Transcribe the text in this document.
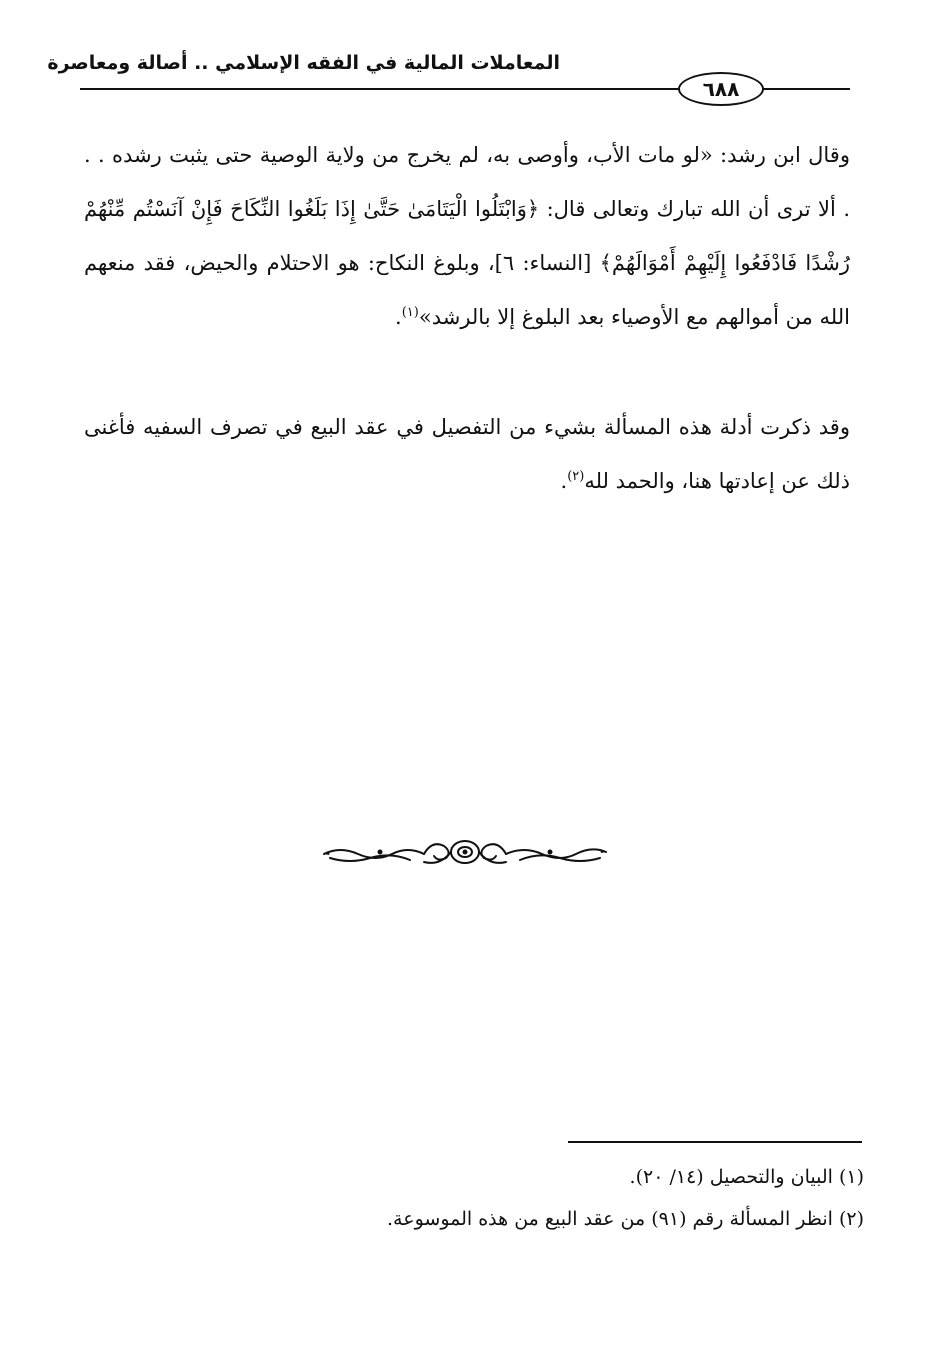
المعاملات المالية في الفقه الإسلامي .. أصالة ومعاصرة
٦٨٨
وقال ابن رشد: «لو مات الأب، وأوصى به، لم يخرج من ولاية الوصية حتى يثبت رشده . . . ألا ترى أن الله تبارك وتعالى قال: ﴿وَابْتَلُوا الْيَتَامَىٰ حَتَّىٰ إِذَا بَلَغُوا النِّكَاحَ فَإِنْ آنَسْتُم مِّنْهُمْ رُشْدًا فَادْفَعُوا إِلَيْهِمْ أَمْوَالَهُمْ﴾ [النساء: ٦]، وبلوغ النكاح: هو الاحتلام والحيض، فقد منعهم الله من أموالهم مع الأوصياء بعد البلوغ إلا بالرشد»$^{(١)}$.
وقد ذكرت أدلة هذه المسألة بشيء من التفصيل في عقد البيع في تصرف السفيه فأغنى ذلك عن إعادتها هنا، والحمد لله$^{(٢)}$.
(١) البيان والتحصيل (١٤/ ٢٠).
(٢) انظر المسألة رقم (٩١) من عقد البيع من هذه الموسوعة.
